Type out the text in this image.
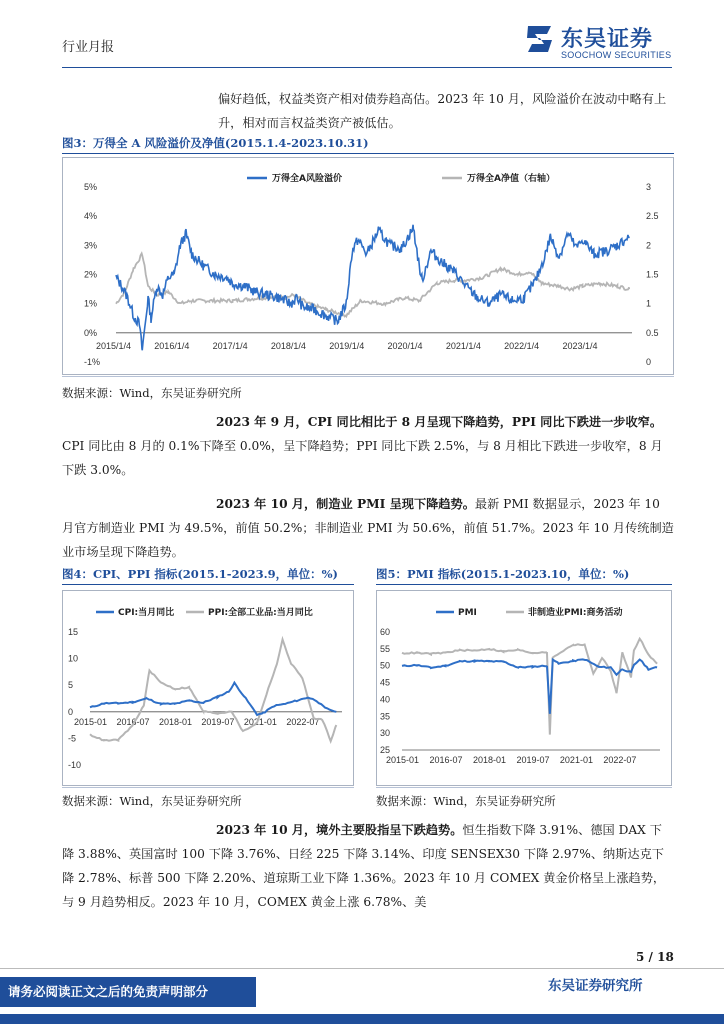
行业月报	东吴证券
SOOCHOW SECURITIES
偏好趋低，权益类资产相对债券趋高估。2023 年 10 月，风险溢价在波动中略有上
升，相对而言权益类资产被低估。
图3：万得全 A 风险溢价及净值(2015.1.4-2023.10.31)
5%
4%
3%
2%
1%
0%
-1%
3
2.5
2
1.5
1
0.5
0
2015/1/4	2016/1/4	2017/1/4	2018/1/4	2019/1/4	2020/1/4	2021/1/4	2022/1/4	2023/1/4
万得全A风险溢价	万得全A净值（右轴）
数据来源：Wind，东吴证券研究所
2023 年 9 月，CPI 同比相比于 8 月呈现下降趋势，PPI 同比下跌进一步收窄。CPI 同比由 8 月的 0.1%下降至 0.0%，呈下降趋势；PPI 同比下跌 2.5%，与 8 月相比下跌进一步收窄，8 月下跌 3.0%。
2023 年 10 月，制造业 PMI 呈现下降趋势。最新 PMI 数据显示，2023 年 10 月官方制造业 PMI 为 49.5%，前值 50.2%；非制造业 PMI 为 50.6%，前值 51.7%。2023 年 10 月传统制造业市场呈现下降趋势。
图4：CPI、PPI 指标(2015.1-2023.9，单位：%)
15
10
5
0
-5
-10
2015-01 2016-07 2018-01 2019-07 2021-01 2022-07
CPI:当月同比	PPI:全部工业品:当月同比
数据来源：Wind，东吴证券研究所
图5：PMI 指标(2015.1-2023.10，单位：%)
60
55
50
45
40
35
30
25
2015-01 2016-07 2018-01 2019-07 2021-01 2022-07
PMI	非制造业PMI:商务活动
数据来源：Wind，东吴证券研究所
2023 年 10 月，境外主要股指呈下跌趋势。恒生指数下降 3.91%、德国 DAX 下降 3.88%、英国富时 100 下降 3.76%、日经 225 下降 3.14%、印度 SENSEX30 下降 2.97%、纳斯达克下降 2.78%、标普 500 下降 2.20%、道琼斯工业下降 1.36%。2023 年 10 月 COMEX 黄金价格呈上涨趋势，与 9 月趋势相反。2023 年 10 月，COMEX 黄金上涨 6.78%、美
5 / 18
请务必阅读正文之后的免责声明部分	东吴证券研究所
